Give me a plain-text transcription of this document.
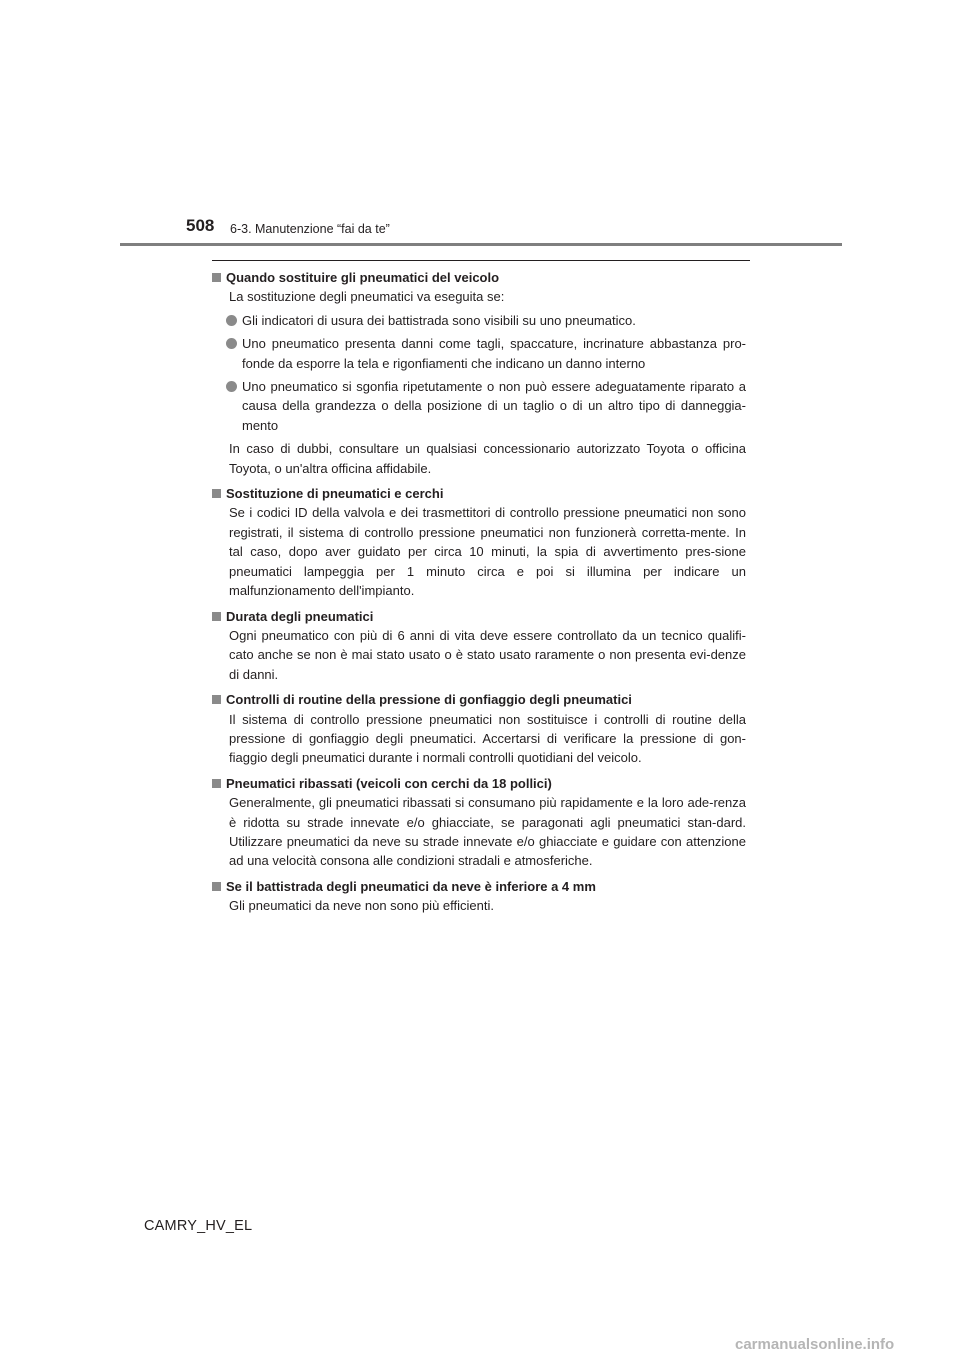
508 6-3. Manutenzione “fai da te”
Quando sostituire gli pneumatici del veicolo
La sostituzione degli pneumatici va eseguita se:
Gli indicatori di usura dei battistrada sono visibili su uno pneumatico.
Uno pneumatico presenta danni come tagli, spaccature, incrinature abbastanza pro-fonde da esporre la tela e rigonfiamenti che indicano un danno interno
Uno pneumatico si sgonfia ripetutamente o non può essere adeguatamente riparato a causa della grandezza o della posizione di un taglio o di un altro tipo di danneggia-mento
In caso di dubbi, consultare un qualsiasi concessionario autorizzato Toyota o officina Toyota, o un'altra officina affidabile.
Sostituzione di pneumatici e cerchi
Se i codici ID della valvola e dei trasmettitori di controllo pressione pneumatici non sono registrati, il sistema di controllo pressione pneumatici non funzionerà corretta-mente. In tal caso, dopo aver guidato per circa 10 minuti, la spia di avvertimento pres-sione pneumatici lampeggia per 1 minuto circa e poi si illumina per indicare un malfunzionamento dell'impianto.
Durata degli pneumatici
Ogni pneumatico con più di 6 anni di vita deve essere controllato da un tecnico qualifi-cato anche se non è mai stato usato o è stato usato raramente o non presenta evi-denze di danni.
Controlli di routine della pressione di gonfiaggio degli pneumatici
Il sistema di controllo pressione pneumatici non sostituisce i controlli di routine della pressione di gonfiaggio degli pneumatici. Accertarsi di verificare la pressione di gon-fiaggio degli pneumatici durante i normali controlli quotidiani del veicolo.
Pneumatici ribassati (veicoli con cerchi da 18 pollici)
Generalmente, gli pneumatici ribassati si consumano più rapidamente e la loro ade-renza è ridotta su strade innevate e/o ghiacciate, se paragonati agli pneumatici stan-dard. Utilizzare pneumatici da neve su strade innevate e/o ghiacciate e guidare con attenzione ad una velocità consona alle condizioni stradali e atmosferiche.
Se il battistrada degli pneumatici da neve è inferiore a 4 mm
Gli pneumatici da neve non sono più efficienti.
CAMRY_HV_EL
carmanualsonline.info
